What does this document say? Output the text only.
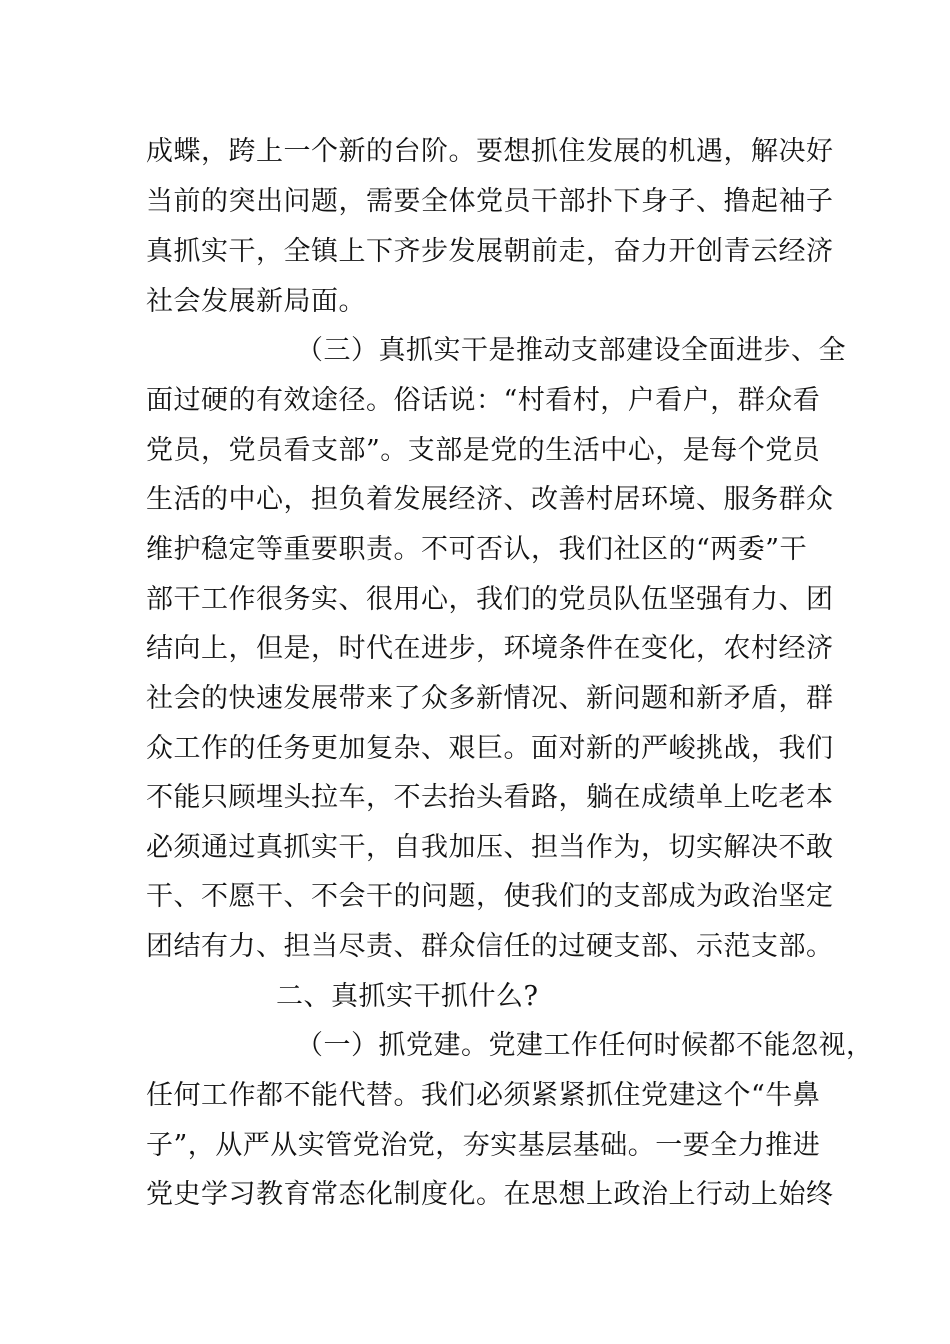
成蝶，跨上一个新的台阶。要想抓住发展的机遇，解决好
当前的突出问题，需要全体党员干部扑下身子、撸起袖子
真抓实干，全镇上下齐步发展朝前走，奋力开创青云经济
社会发展新局面。
（三）真抓实干是推动支部建设全面进步、全
面过硬的有效途径。俗话说：“村看村，户看户，群众看
党员，党员看支部”。支部是党的生活中心，是每个党员
生活的中心，担负着发展经济、改善村居环境、服务群众
维护稳定等重要职责。不可否认，我们社区的“两委”干
部干工作很务实、很用心，我们的党员队伍坚强有力、团
结向上，但是，时代在进步，环境条件在变化，农村经济
社会的快速发展带来了众多新情况、新问题和新矛盾，群
众工作的任务更加复杂、艰巨。面对新的严峻挑战，我们
不能只顾埋头拉车，不去抬头看路，躺在成绩单上吃老本
必须通过真抓实干，自我加压、担当作为，切实解决不敢
干、不愿干、不会干的问题，使我们的支部成为政治坚定
团结有力、担当尽责、群众信任的过硬支部、示范支部。
二、真抓实干抓什么?
（一）抓党建。党建工作任何时候都不能忽视，
任何工作都不能代替。我们必须紧紧抓住党建这个“牛鼻
子”，从严从实管党治党，夯实基层基础。一要全力推进
党史学习教育常态化制度化。在思想上政治上行动上始终
